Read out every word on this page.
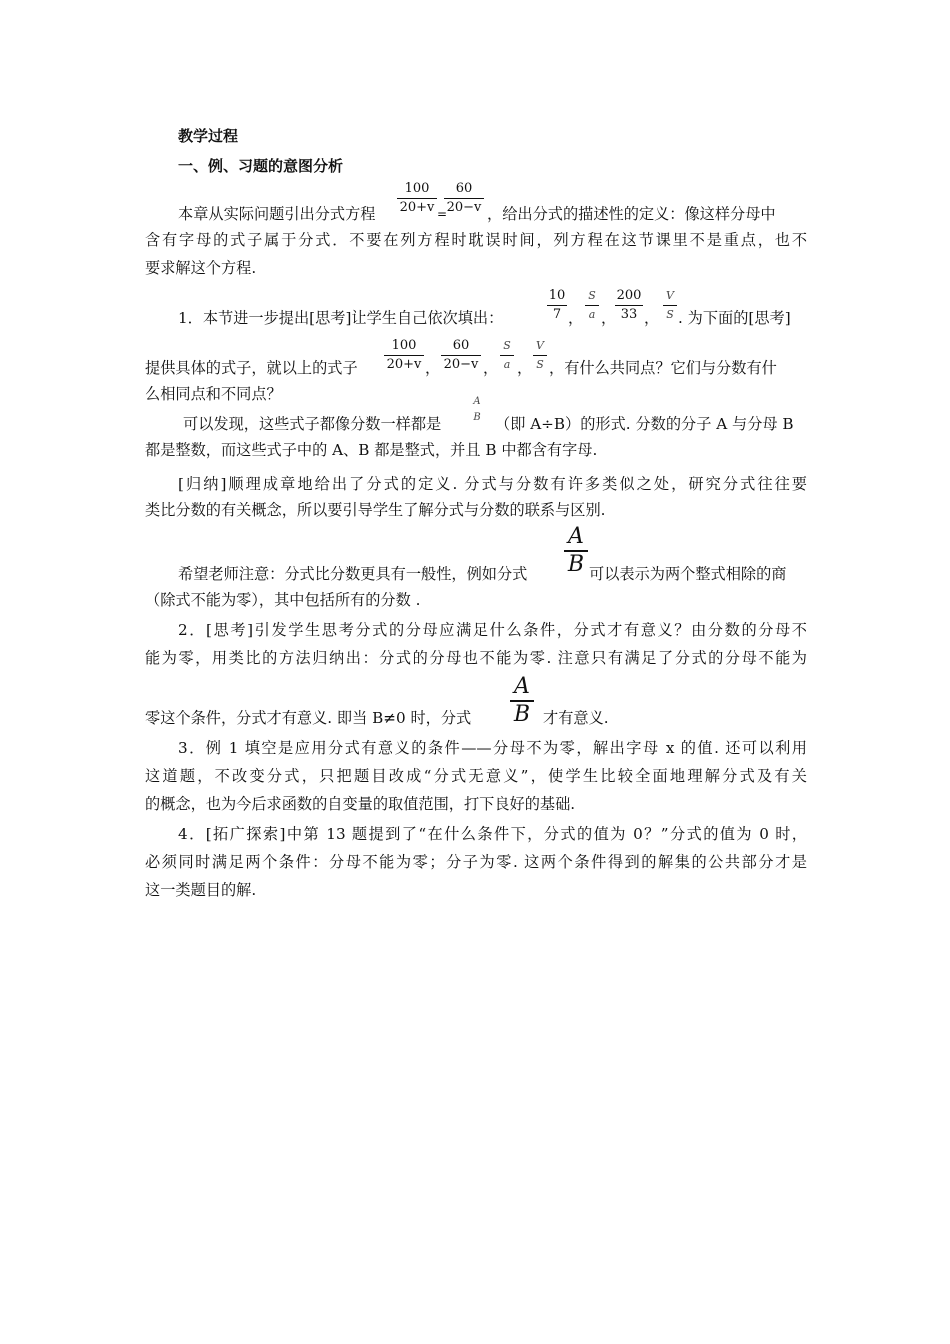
教学过程
一、例、习题的意图分析
本章从实际问题引出分式方程
100
20+v =
60
20−v ，给出分式的描述性的定义：像这样分母中
含有字母的式子属于分式．不要在列方程时耽误时间，列方程在这节课里不是重点，也不
要求解这个方程.
1．本节进一步提出[思考]让学生自己依次填出：
10
7 ，
S
a ，
200
33 ，
V
S . 为下面的[思考]
提供具体的式子，就以上的式子
100
20+v ，
60
20−v ，
S
a ，
V
S ，有什么共同点？它们与分数有什
么相同点和不同点？
可以发现，这些式子都像分数一样都是
A
B （即 A÷B）的形式. 分数的分子 A 与分母 B
都是整数，而这些式子中的 A、B 都是整式，并且 B 中都含有字母.
[归纳]顺理成章地给出了分式的定义. 分式与分数有许多类似之处，研究分式往往要
类比分数的有关概念，所以要引导学生了解分式与分数的联系与区别.
希望老师注意：分式比分数更具有一般性，例如分式
A
B 可以表示为两个整式相除的商
（除式不能为零），其中包括所有的分数 .
2．[思考]引发学生思考分式的分母应满足什么条件，分式才有意义？由分数的分母不
能为零，用类比的方法归纳出：分式的分母也不能为零. 注意只有满足了分式的分母不能为
零这个条件，分式才有意义. 即当 B≠0 时，分式
A
B 才有意义.
3．例 1 填空是应用分式有意义的条件——分母不为零，解出字母 x 的值. 还可以利用
这道题，不改变分式，只把题目改成“分式无意义”，使学生比较全面地理解分式及有关
的概念，也为今后求函数的自变量的取值范围，打下良好的基础.
4．[拓广探索]中第 13 题提到了“在什么条件下，分式的值为 0？”分式的值为 0 时，
必须同时满足两个条件：分母不能为零；分子为零. 这两个条件得到的解集的公共部分才是
这一类题目的解.
